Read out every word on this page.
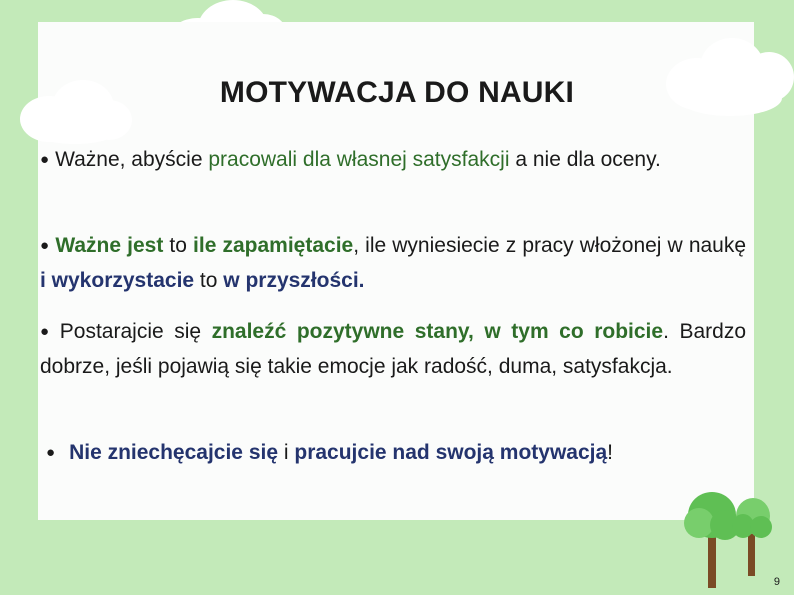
MOTYWACJA DO NAUKI
● Ważne, abyście pracowali dla własnej satysfakcji a nie dla oceny.
● Ważne jest to ile zapamiętacie, ile wyniesiecie z pracy włożonej w naukę i wykorzystacie to w przyszłości.
● Postarajcie się znaleźć pozytywne stany, w tym co robicie. Bardzo dobrze, jeśli pojawią się takie emocje jak radość, duma, satysfakcja.
● Nie zniechęcajcie się i pracujcie nad swoją motywacją!
9
